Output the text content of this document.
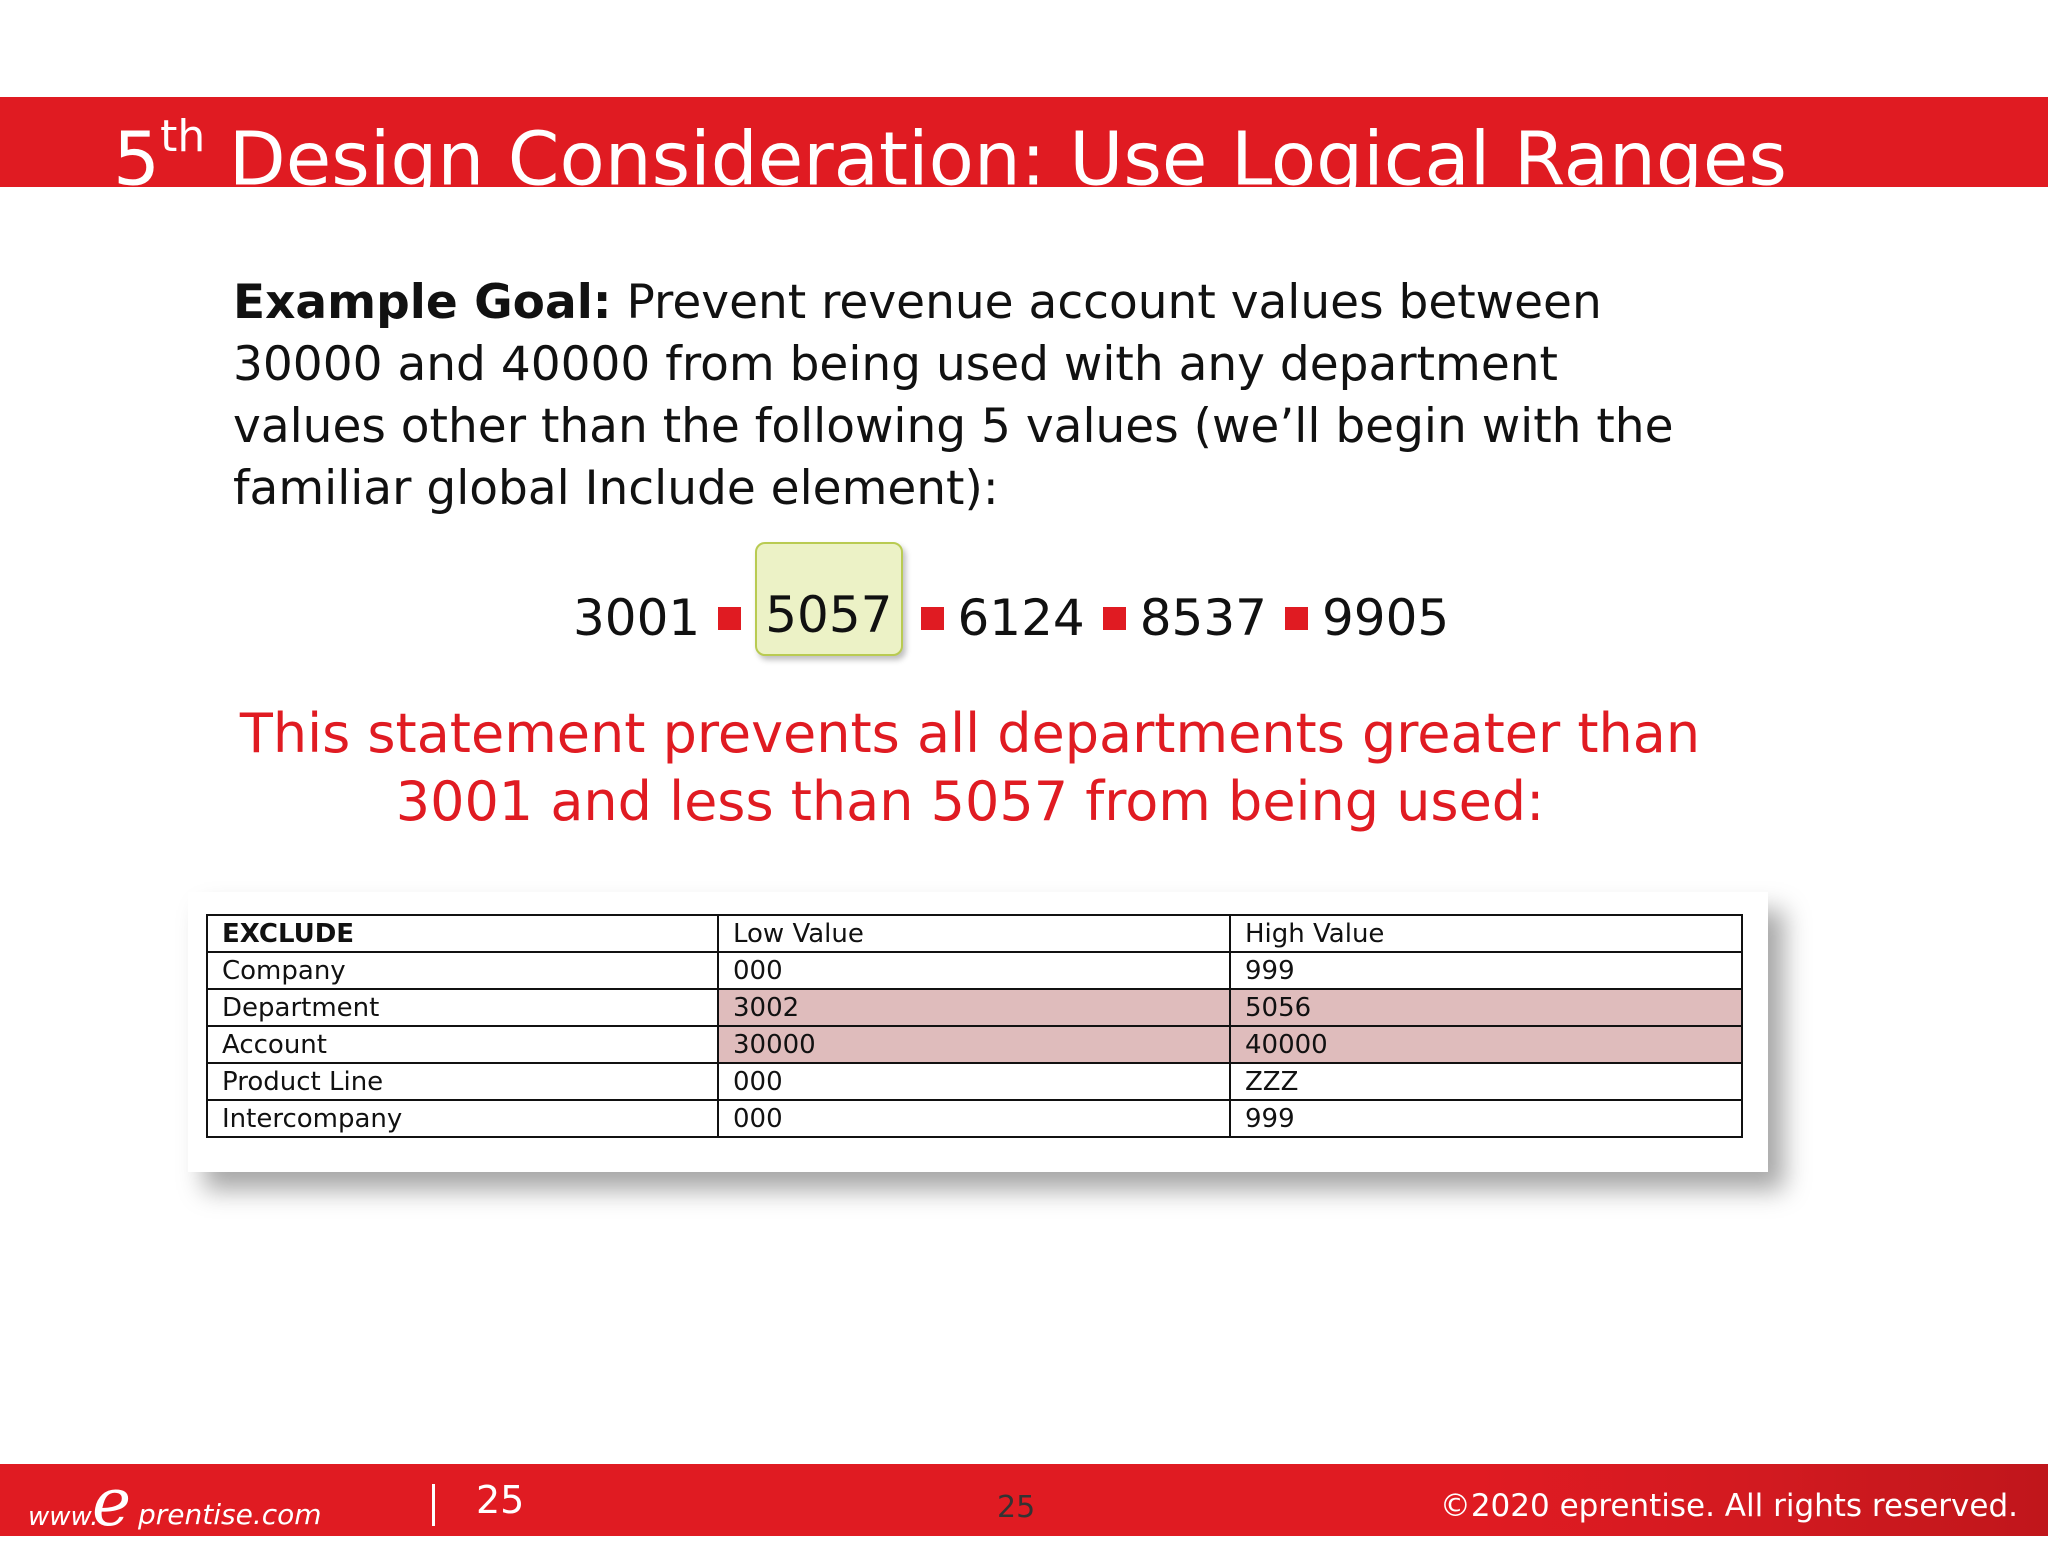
5th Design Consideration: Use Logical Ranges
Example Goal: Prevent revenue account values between 30000 and 40000 from being used with any department values other than the following 5 values (we’ll begin with the familiar global Include element):
3001 5057 6124 8537 9905
This statement prevents all departments greater than 3001 and less than 5057 from being used:
EXCLUDE	Low Value	High Value
Company	000	999
Department	3002	5056
Account	30000	40000
Product Line	000	ZZZ
Intercompany	000	999
www.
e prentise.com	25	25	©2020 eprentise. All rights reserved.
